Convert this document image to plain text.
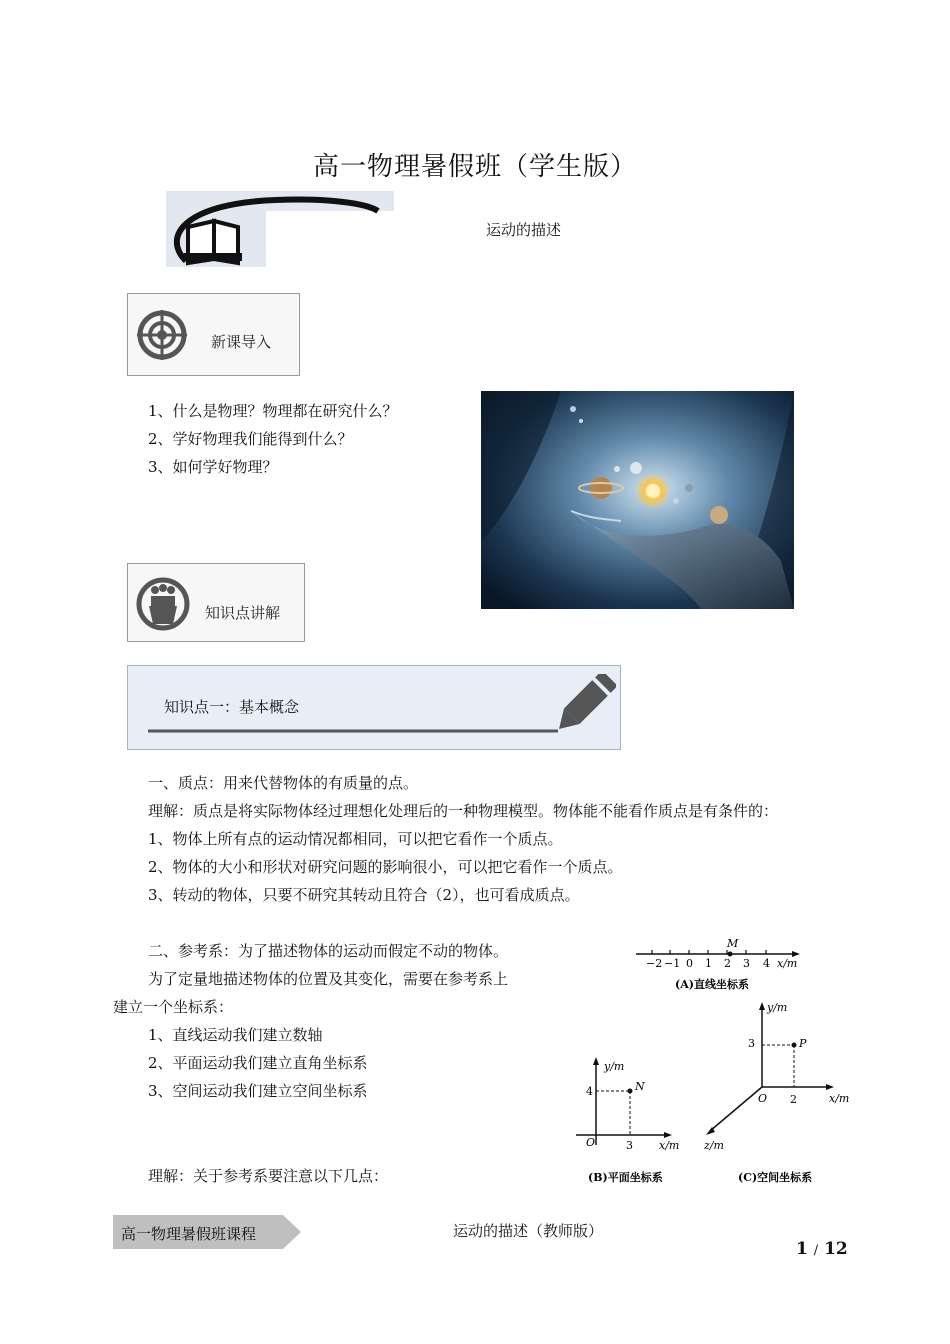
高一物理暑假班（学生版）
运动的描述
新课导入
1、什么是物理？物理都在研究什么？
2、学好物理我们能得到什么？
3、如何学好物理？
知识点讲解
知识点一：基本概念
一、质点：用来代替物体的有质量的点。
理解：质点是将实际物体经过理想化处理后的一种物理模型。物体能不能看作质点是有条件的：
1、物体上所有点的运动情况都相同，可以把它看作一个质点。
2、物体的大小和形状对研究问题的影响很小，可以把它看作一个质点。
3、转动的物体，只要不研究其转动且符合（2），也可看成质点。
二、参考系：为了描述物体的运动而假定不动的物体。
为了定量地描述物体的位置及其变化，需要在参考系上
建立一个坐标系：
1、直线运动我们建立数轴
2、平面运动我们建立直角坐标系
3、空间运动我们建立空间坐标系
理解：关于参考系要注意以下几点：
M
−2 −1 0 1 2 3 4 x/m
(A)直线坐标系
y/m
x/m
O
N
4
3
(B)平面坐标系
y/m
x/m
z/m
O
P
3
2
(C)空间坐标系
高一物理暑假班课程	运动的描述（教师版）
1 / 12
